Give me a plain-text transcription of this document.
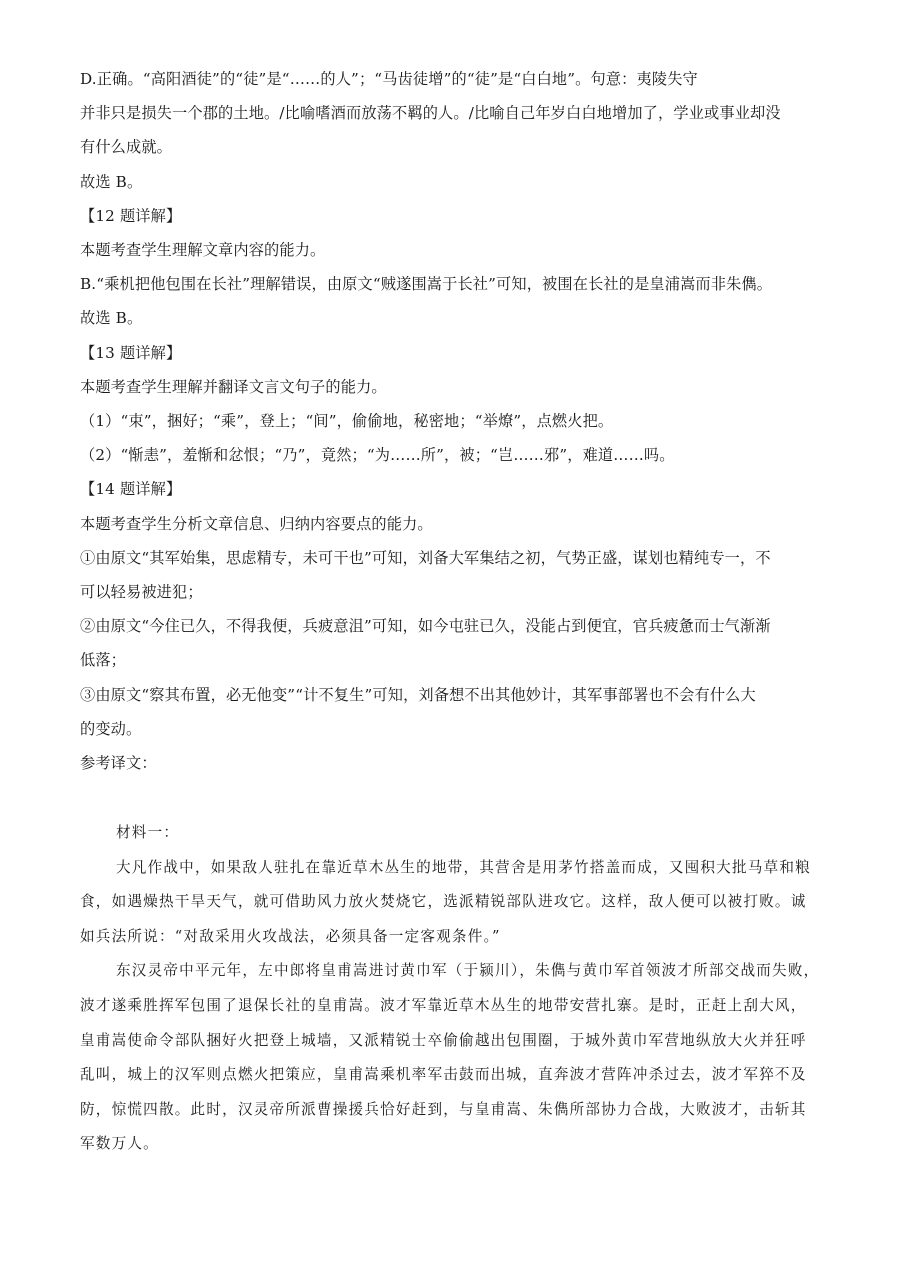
D.正确。“高阳酒徒”的“徒”是“……的人”；“马齿徒增”的“徒”是“白白地”。句意：夷陵失守
并非只是损失一个郡的土地。/比喻嗜酒而放荡不羁的人。/比喻自己年岁白白地增加了，学业或事业却没
有什么成就。
故选 B。
【12 题详解】
本题考查学生理解文章内容的能力。
B.“乘机把他包围在长社”理解错误，由原文“贼遂围嵩于长社”可知，被围在长社的是皇浦嵩而非朱儁。
故选 B。
【13 题详解】
本题考查学生理解并翻译文言文句子的能力。
（1）“束”，捆好；“乘”，登上；“间”，偷偷地，秘密地；“举燎”，点燃火把。
（2）“惭恚”，羞惭和忿恨；“乃”，竟然；“为……所”，被；“岂……邪”，难道……吗。
【14 题详解】
本题考查学生分析文章信息、归纳内容要点的能力。
①由原文“其军始集，思虑精专，未可干也”可知，刘备大军集结之初，气势正盛，谋划也精纯专一，不
可以轻易被进犯；
②由原文“今住已久，不得我便，兵疲意沮”可知，如今屯驻已久，没能占到便宜，官兵疲惫而士气渐渐
低落；
③由原文“察其布置，必无他变”“计不复生”可知，刘备想不出其他妙计，其军事部署也不会有什么大
的变动。
参考译文：
材料一：
大凡作战中，如果敌人驻扎在靠近草木丛生的地带，其营舍是用茅竹搭盖而成，又囤积大批马草和粮
食，如遇燥热干旱天气，就可借助风力放火焚烧它，选派精锐部队进攻它。这样，敌人便可以被打败。诚
如兵法所说：“对敌采用火攻战法，必须具备一定客观条件。”
东汉灵帝中平元年，左中郎将皇甫嵩进讨黄巾军（于颍川），朱儁与黄巾军首领波才所部交战而失败，
波才遂乘胜挥军包围了退保长社的皇甫嵩。波才军靠近草木丛生的地带安营扎寨。是时，正赶上刮大风，
皇甫嵩使命令部队捆好火把登上城墙，又派精锐士卒偷偷越出包围圈，于城外黄巾军营地纵放大火并狂呼
乱叫，城上的汉军则点燃火把策应，皇甫嵩乘机率军击鼓而出城，直奔波才营阵冲杀过去，波才军猝不及
防，惊慌四散。此时，汉灵帝所派曹操援兵恰好赶到，与皇甫嵩、朱儁所部协力合战，大败波才，击斩其
军数万人。
